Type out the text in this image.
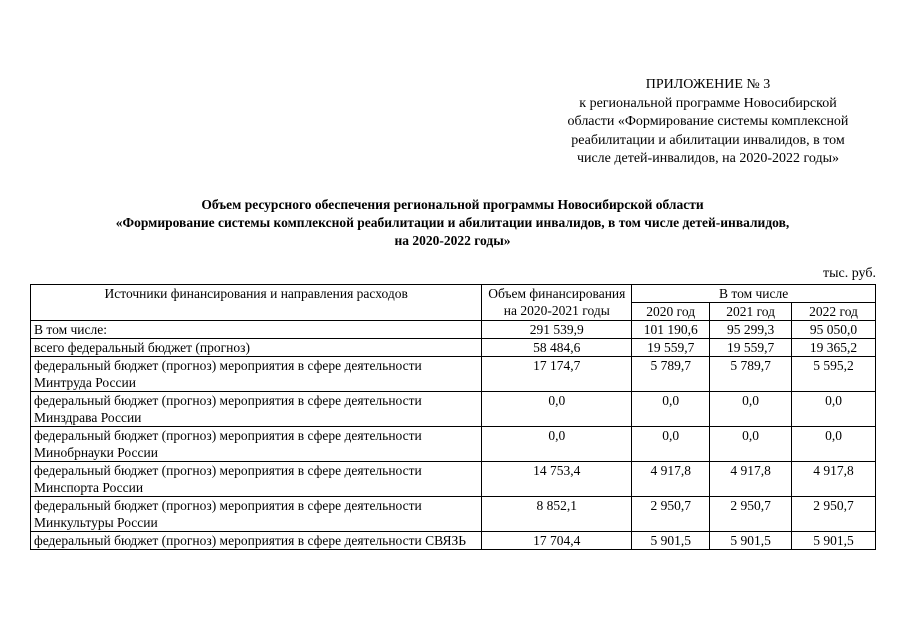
ПРИЛОЖЕНИЕ № 3
к региональной программе Новосибирской
области «Формирование системы комплексной
реабилитации и абилитации инвалидов, в том
числе детей-инвалидов, на 2020-2022 годы»
Объем ресурсного обеспечения региональной программы Новосибирской области
«Формирование системы комплексной реабилитации и абилитации инвалидов, в том числе детей-инвалидов,
на 2020-2022 годы»
тыс. руб.
Источники финансирования и направления расходов	Объем финансирования на 2020-2021 годы	В том числе		
		2020 год	2021 год	2022 год
В том числе:	291 539,9	101 190,6	95 299,3	95 050,0
всего федеральный бюджет (прогноз)	58 484,6	19 559,7	19 559,7	19 365,2
федеральный бюджет (прогноз) мероприятия в сфере деятельности Минтруда России	17 174,7	5 789,7	5 789,7	5 595,2
федеральный бюджет (прогноз) мероприятия в сфере деятельности Минздрава России	0,0	0,0	0,0	0,0
федеральный бюджет (прогноз) мероприятия в сфере деятельности Минобрнауки России	0,0	0,0	0,0	0,0
федеральный бюджет (прогноз) мероприятия в сфере деятельности Минспорта России	14 753,4	4 917,8	4 917,8	4 917,8
федеральный бюджет (прогноз) мероприятия в сфере деятельности Минкультуры России	8 852,1	2 950,7	2 950,7	2 950,7
федеральный бюджет (прогноз) мероприятия в сфере деятельности СВЯЗЬ	17 704,4	5 901,5	5 901,5	5 901,5
